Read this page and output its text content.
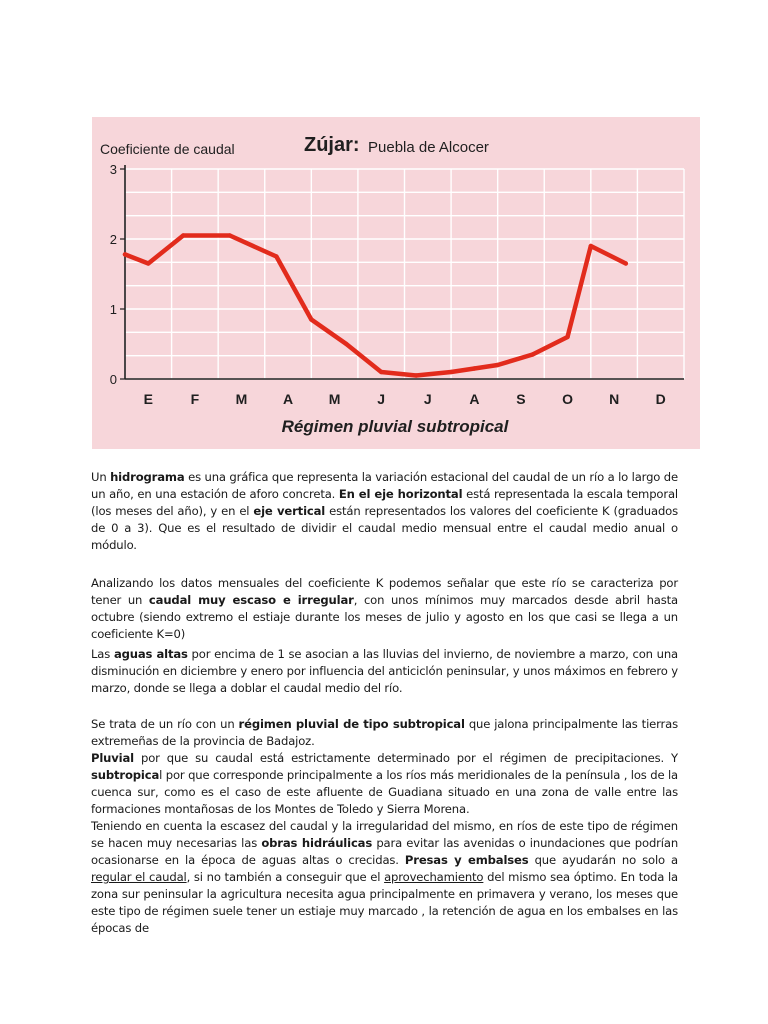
0
1
2
3
E	F	M	A	M	J	J	A	S	O	N	D
Coeficiente de caudal	Zújar: Puebla de Alcocer
Régimen pluvial subtropical

Un hidrograma es una gráfica que representa la variación estacional del caudal de un río a lo largo de un año, en una estación de aforo concreta. En el eje horizontal está representada la escala temporal (los meses del año), y en el eje vertical están representados los valores del coeficiente K (graduados de 0 a 3). Que es el resultado de dividir el caudal medio mensual entre el caudal medio anual o módulo.

Analizando los datos mensuales del coeficiente K podemos señalar que este río se caracteriza por tener un caudal muy escaso e irregular, con unos mínimos muy marcados desde abril hasta octubre (siendo extremo el estiaje durante los meses de julio y agosto en los que casi se llega a un coeficiente K=0)

Las aguas altas por encima de 1 se asocian a las lluvias del invierno, de noviembre a marzo, con una disminución en diciembre y enero por influencia del anticiclón peninsular, y unos máximos en febrero y marzo, donde se llega a doblar el caudal medio del río.

Se trata de un río con un régimen pluvial de tipo subtropical que jalona principalmente las tierras extremeñas de la provincia de Badajoz.

Pluvial por que su caudal está estrictamente determinado por el régimen de precipitaciones. Y subtropical por que corresponde principalmente a los ríos más meridionales de la península , los de la cuenca sur, como es el caso de este afluente de Guadiana situado en una zona de valle entre las formaciones montañosas de los Montes de Toledo y Sierra Morena.

Teniendo en cuenta la escasez del caudal y la irregularidad del mismo, en ríos de este tipo de régimen se hacen muy necesarias las obras hidráulicas para evitar las avenidas o inundaciones que podrían ocasionarse en la época de aguas altas o crecidas. Presas y embalses que ayudarán no solo a regular el caudal, si no también a conseguir que el aprovechamiento del mismo sea óptimo. En toda la zona sur peninsular la agricultura necesita agua principalmente en primavera y verano, los meses que este tipo de régimen suele tener un estiaje muy marcado , la retención de agua en los embalses en las épocas de
